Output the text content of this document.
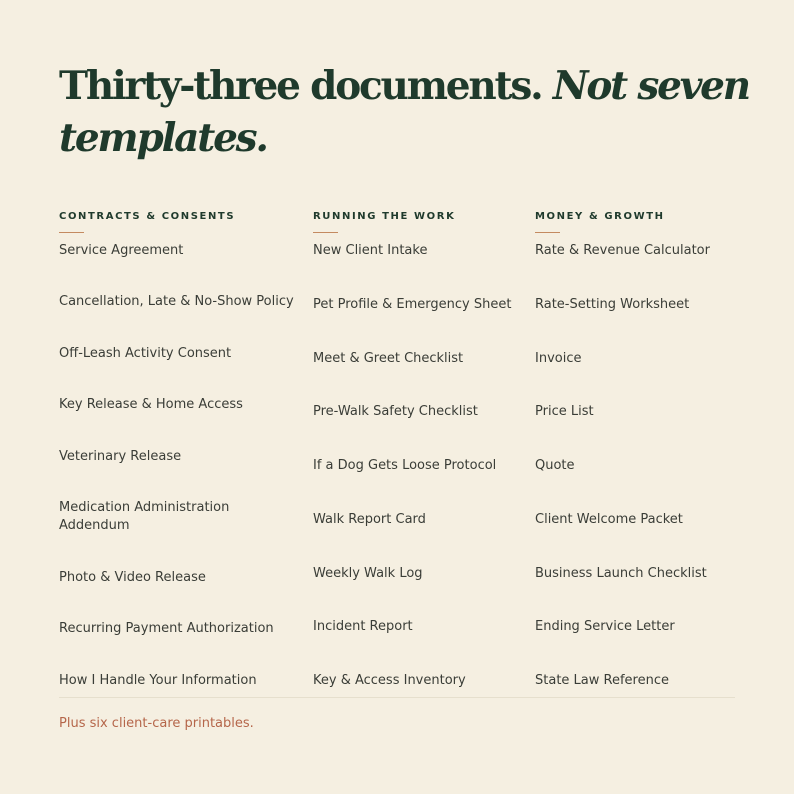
Thirty-three documents. Not seven templates.
CONTRACTS & CONSENTS
Service Agreement
Cancellation, Late & No-Show Policy
Off-Leash Activity Consent
Key Release & Home Access
Veterinary Release
Medication Administration Addendum
Photo & Video Release
Recurring Payment Authorization
How I Handle Your Information
RUNNING THE WORK
New Client Intake
Pet Profile & Emergency Sheet
Meet & Greet Checklist
Pre-Walk Safety Checklist
If a Dog Gets Loose Protocol
Walk Report Card
Weekly Walk Log
Incident Report
Key & Access Inventory
MONEY & GROWTH
Rate & Revenue Calculator
Rate-Setting Worksheet
Invoice
Price List
Quote
Client Welcome Packet
Business Launch Checklist
Ending Service Letter
State Law Reference

Plus six client-care printables.
